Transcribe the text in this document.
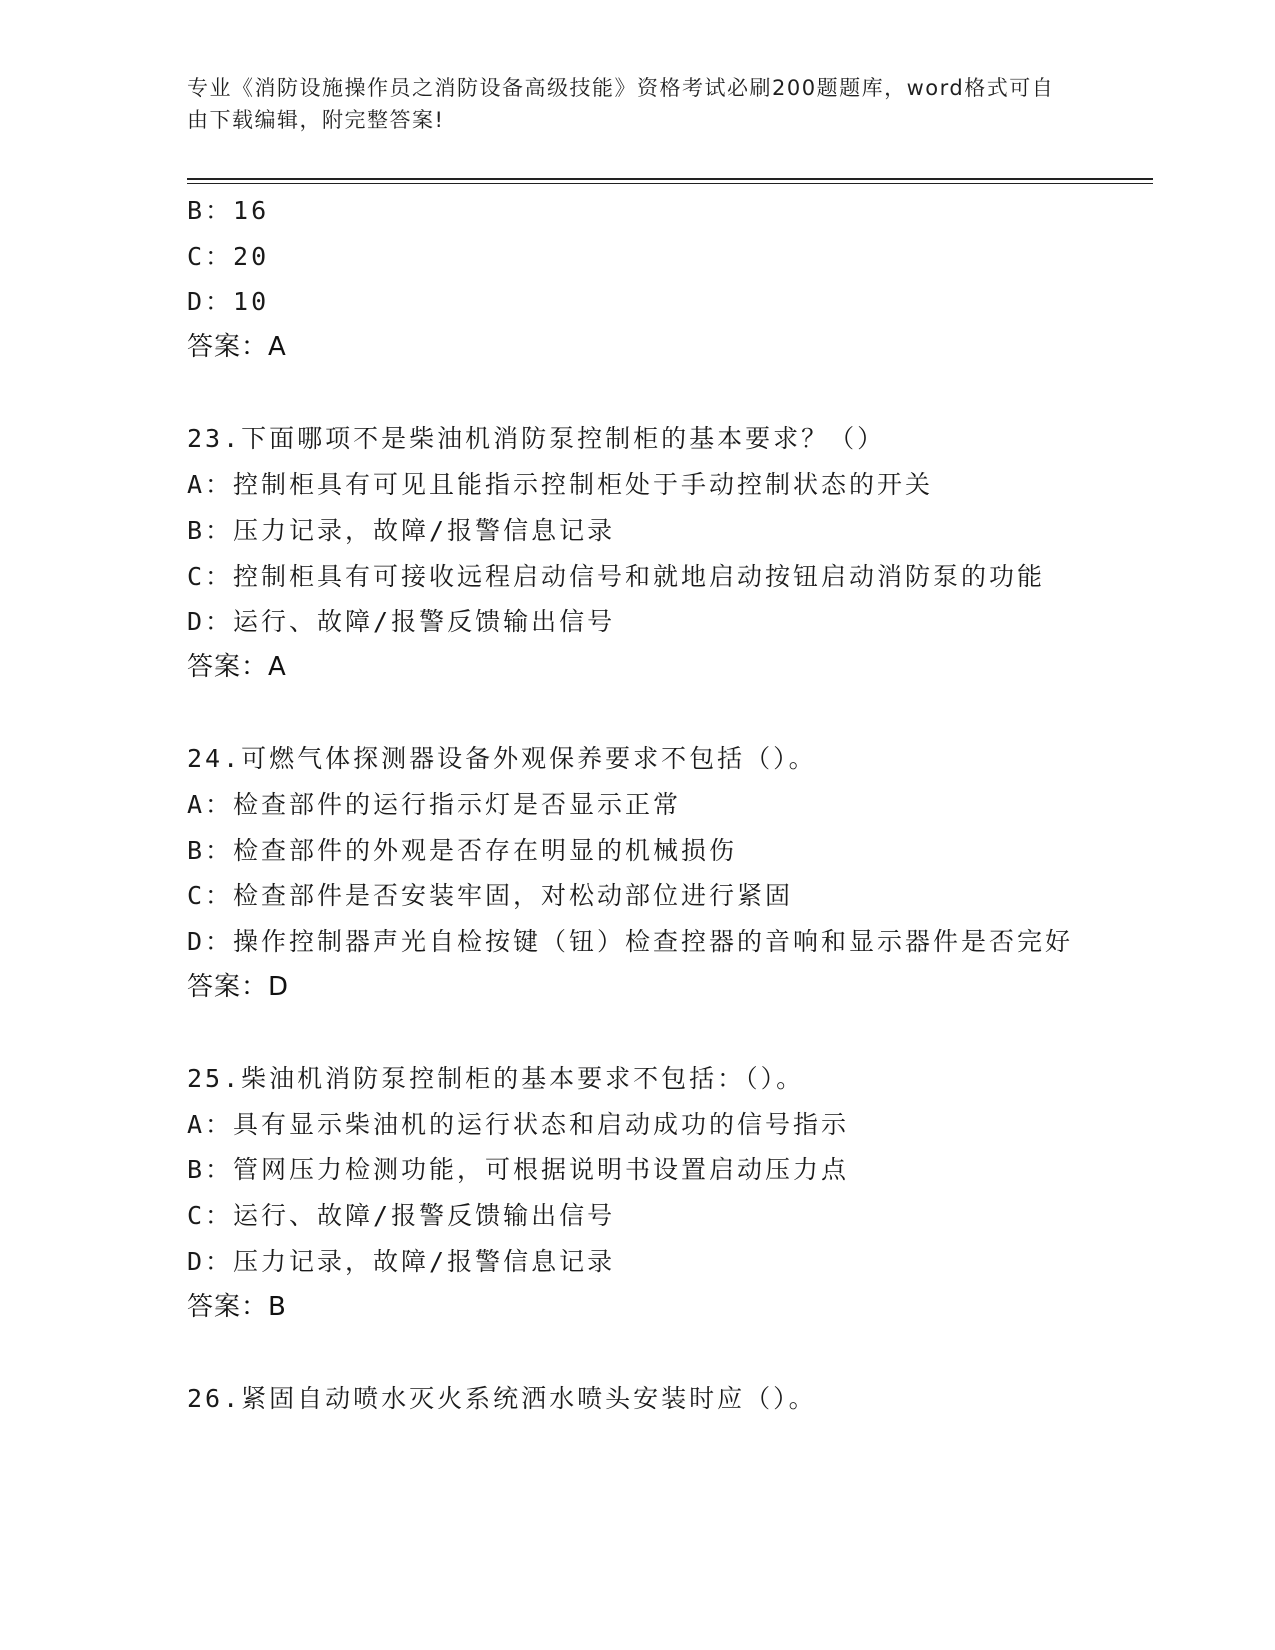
专业《消防设施操作员之消防设备高级技能》资格考试必刷200题题库，word格式可自由下载编辑，附完整答案!
B：16
C：20
D：10
答案：A
23.下面哪项不是柴油机消防泵控制柜的基本要求？（）
A：控制柜具有可见且能指示控制柜处于手动控制状态的开关
B：压力记录，故障/报警信息记录
C：控制柜具有可接收远程启动信号和就地启动按钮启动消防泵的功能
D：运行、故障/报警反馈输出信号
答案：A
24.可燃气体探测器设备外观保养要求不包括（）。
A：检查部件的运行指示灯是否显示正常
B：检查部件的外观是否存在明显的机械损伤
C：检查部件是否安装牢固，对松动部位进行紧固
D：操作控制器声光自检按键（钮）检查控器的音响和显示器件是否完好
答案：D
25.柴油机消防泵控制柜的基本要求不包括：（）。
A：具有显示柴油机的运行状态和启动成功的信号指示
B：管网压力检测功能，可根据说明书设置启动压力点
C：运行、故障/报警反馈输出信号
D：压力记录，故障/报警信息记录
答案：B
26.紧固自动喷水灭火系统洒水喷头安装时应（）。
